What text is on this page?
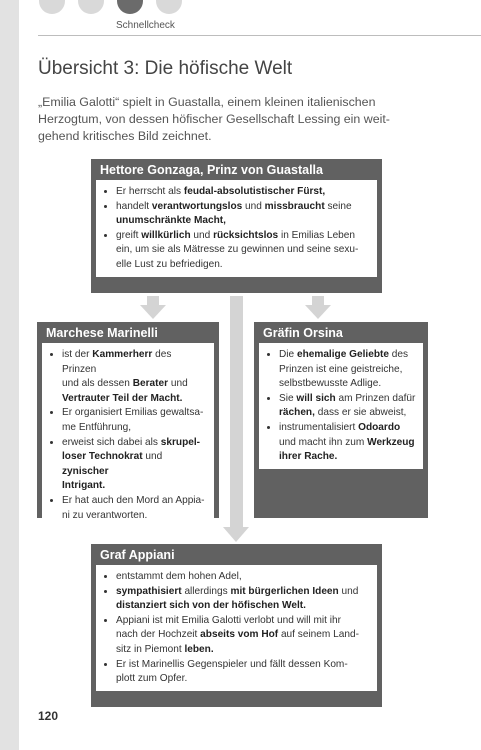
Schnellcheck
Übersicht 3: Die höfische Welt

„Emilia Galotti“ spielt in Guastalla, einem kleinen italienischen
Herzogtum, von dessen höfischer Gesellschaft Lessing ein weit-
gehend kritisches Bild zeichnet.

Hettore Gonzaga, Prinz von Guastalla
• Er herrscht als feudal-absolutistischer Fürst,
• handelt verantwortungslos und missbraucht seine
unumschränkte Macht,
• greift willkürlich und rücksichtslos in Emilias Leben
ein, um sie als Mätresse zu gewinnen und seine sexu-
elle Lust zu befriedigen.
Marchese Marinelli
• ist der Kammerherr des Prinzen
und als dessen Berater und
Vertrauter Teil der Macht.
• Er organisiert Emilias gewaltsa-
me Entführung,
• erweist sich dabei als skrupel-
loser Technokrat und zynischer
Intrigant.
• Er hat auch den Mord an Appia-
ni zu verantworten.
Gräfin Orsina
• Die ehemalige Geliebte des
Prinzen ist eine geistreiche,
selbstbewusste Adlige.
• Sie will sich am Prinzen dafür
rächen, dass er sie abweist,
• instrumentalisiert Odoardo
und macht ihn zum Werkzeug
ihrer Rache.
Graf Appiani
• entstammt dem hohen Adel,
• sympathisiert allerdings mit bürgerlichen Ideen und
distanziert sich von der höfischen Welt.
• Appiani ist mit Emilia Galotti verlobt und will mit ihr
nach der Hochzeit abseits vom Hof auf seinem Land-
sitz in Piemont leben.
• Er ist Marinellis Gegenspieler und fällt dessen Kom-
plott zum Opfer.
120
